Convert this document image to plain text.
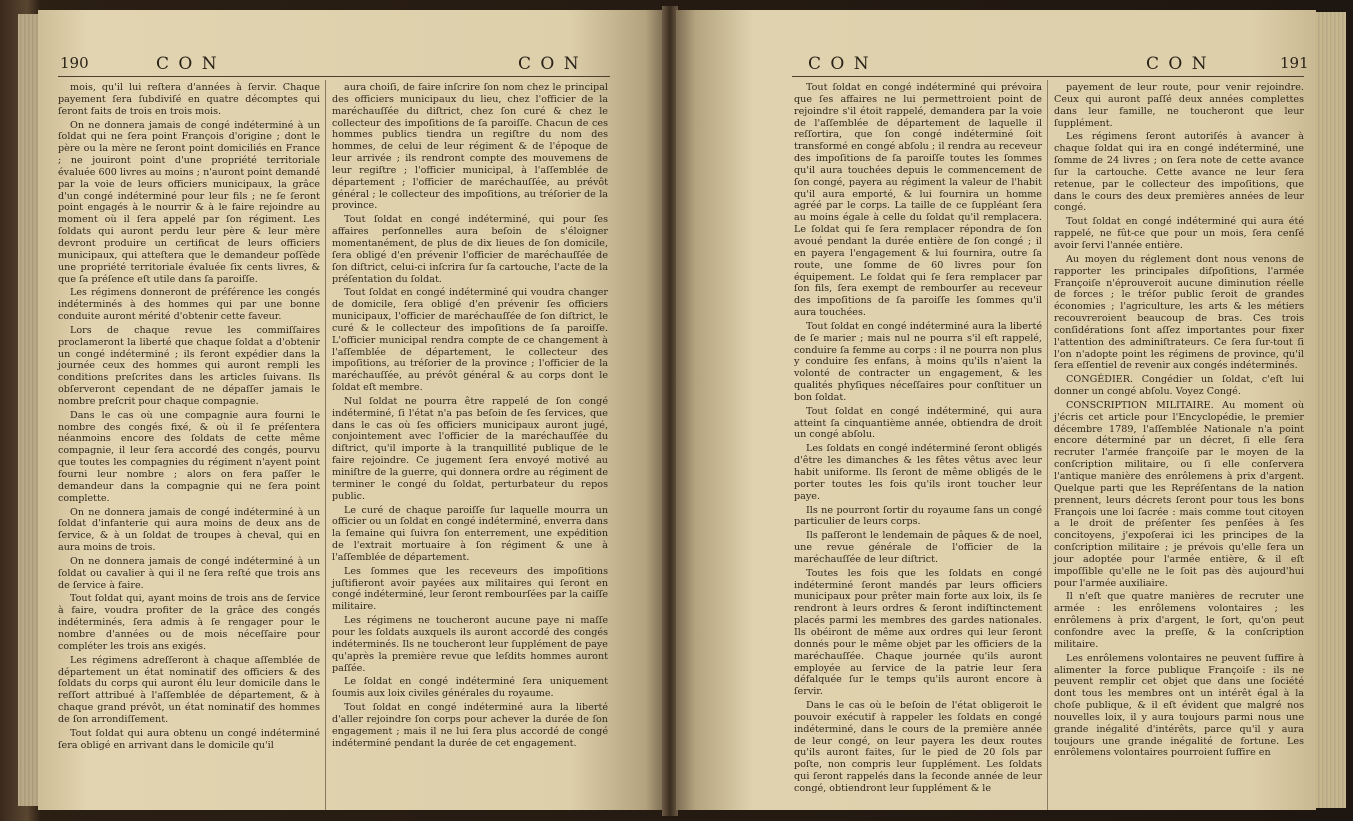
190	C O N	C O N

mois, qu'il lui reſtera d'années à ſervir. Chaque payement ſera ſubdiviſé en quatre décomptes qui ſeront faits de trois en trois mois.

On ne donnera jamais de congé indéterminé à un ſoldat qui ne ſera point François d'origine ; dont le père ou la mère ne ſeront point domiciliés en France ; ne jouiront point d'une propriété territoriale évaluée 600 livres au moins ; n'auront point demandé par la voie de leurs officiers municipaux, la grâce d'un congé indéterminé pour leur fils ; ne ſe ſeront point engagés à le nourrir & à le faire rejoindre au moment où il ſera appelé par ſon régiment. Les ſoldats qui auront perdu leur père & leur mère devront produire un certificat de leurs officiers municipaux, qui atteſtera que le demandeur poſſède une propriété territoriale évaluée ſix cents livres, & que ſa préſence eſt utile dans ſa paroiſſe.

Les régimens donneront de préférence les congés indéterminés à des hommes qui par une bonne conduite auront mérité d'obtenir cette faveur.

Lors de chaque revue les commiſſaires proclameront la liberté que chaque ſoldat a d'obtenir un congé indéterminé ; ils feront expédier dans la journée ceux des hommes qui auront rempli les conditions preſcrites dans les articles ſuivans. Ils obſerveront cependant de ne dépaſſer jamais le nombre preſcrit pour chaque compagnie.

Dans le cas où une compagnie aura fourni le nombre des congés fixé, & où il ſe préſentera néanmoins encore des ſoldats de cette même compagnie, il leur ſera accordé des congés, pourvu que toutes les compagnies du régiment n'ayent point fourni leur nombre ; alors on fera paſſer le demandeur dans la compagnie qui ne ſera point complette.

On ne donnera jamais de congé indéterminé à un ſoldat d'infanterie qui aura moins de deux ans de ſervice, & à un ſoldat de troupes à cheval, qui en aura moins de trois.

On ne donnera jamais de congé indéterminé à un ſoldat ou cavalier à qui il ne ſera reſté que trois ans de ſervice à faire.

Tout ſoldat qui, ayant moins de trois ans de ſervice à faire, voudra profiter de la grâce des congés indéterminés, ſera admis à ſe rengager pour le nombre d'années ou de mois néceſſaire pour compléter les trois ans exigés.

Les régimens adreſſeront à chaque aſſemblée de département un état nominatif des officiers & des ſoldats du corps qui auront élu leur domicile dans le reſſort attribué à l'aſſemblée de département, & à chaque grand prévôt, un état nominatif des hommes de ſon arrondiſſement.

Tout ſoldat qui aura obtenu un congé indéterminé ſera obligé en arrivant dans le domicile qu'il

aura choiſi, de faire inſcrire ſon nom chez le principal des officiers municipaux du lieu, chez l'officier de la maréchauſſée du diſtrict, chez ſon curé & chez le collecteur des impoſitions de ſa paroiſſe. Chacun de ces hommes publics tiendra un regiſtre du nom des hommes, de celui de leur régiment & de l'époque de leur arrivée ; ils rendront compte des mouvemens de leur regiſtre ; l'officier municipal, à l'aſſemblée de département ; l'officier de maréchauſſée, au prévôt général ; le collecteur des impoſitions, au tréſorier de la province.

Tout ſoldat en congé indéterminé, qui pour ſes affaires perſonnelles aura beſoin de s'éloigner momentanément, de plus de dix lieues de ſon domicile, ſera obligé d'en prévenir l'officier de maréchauſſée de ſon diſtrict, celui-ci inſcrira ſur ſa cartouche, l'acte de la préſentation du ſoldat.

Tout ſoldat en congé indéterminé qui voudra changer de domicile, ſera obligé d'en prévenir ſes officiers municipaux, l'officier de maréchauſſée de ſon diſtrict, le curé & le collecteur des impoſitions de ſa paroiſſe. L'officier municipal rendra compte de ce changement à l'aſſemblée de département, le collecteur des impoſitions, au tréſorier de la province ; l'officier de la maréchauſſée, au prévôt général & au corps dont le ſoldat eſt membre.

Nul ſoldat ne pourra être rappelé de ſon congé indéterminé, ſi l'état n'a pas beſoin de ſes ſervices, que dans le cas où ſes officiers municipaux auront jugé, conjointement avec l'officier de la maréchauſſée du diſtrict, qu'il importe à la tranquillité publique de le faire rejoindre. Ce jugement ſera envoyé motivé au miniſtre de la guerre, qui donnera ordre au régiment de terminer le congé du ſoldat, perturbateur du repos public.

Le curé de chaque paroiſſe ſur laquelle mourra un officier ou un ſoldat en congé indéterminé, enverra dans la ſemaine qui ſuivra ſon enterrement, une expédition de l'extrait mortuaire à ſon régiment & une à l'aſſemblée de département.

Les ſommes que les receveurs des impoſitions juſtifieront avoir payées aux militaires qui ſeront en congé indéterminé, leur ſeront rembourſées par la caiſſe militaire.

Les régimens ne toucheront aucune paye ni maſſe pour les ſoldats auxquels ils auront accordé des congés indéterminés. Ils ne toucheront leur ſupplément de paye qu'après la première revue que leſdits hommes auront paſſée.

Le ſoldat en congé indéterminé ſera uniquement ſoumis aux loix civiles générales du royaume.

Tout ſoldat en congé indéterminé aura la liberté d'aller rejoindre ſon corps pour achever la durée de ſon engagement ; mais il ne lui ſera plus accordé de congé indéterminé pendant la durée de cet engagement.

C O N	C O N	191

Tout ſoldat en congé indéterminé qui prévoira que ſes affaires ne lui permettroient point de rejoindre s'il étoit rappelé, demandera par la voie de l'aſſemblée de département de laquelle il reſſortira, que ſon congé indéterminé ſoit transformé en congé abſolu ; il rendra au receveur des impoſitions de ſa paroiſſe toutes les ſommes qu'il aura touchées depuis le commencement de ſon congé, payera au régiment la valeur de l'habit qu'il aura emporté, & lui fournira un homme agréé par le corps. La taille de ce ſuppléant ſera au moins égale à celle du ſoldat qu'il remplacera. Le ſoldat qui ſe ſera remplacer répondra de ſon avoué pendant la durée entière de ſon congé ; il en payera l'engagement & lui fournira, outre ſa route, une ſomme de 60 livres pour ſon équipement. Le ſoldat qui ſe ſera remplacer par ſon fils, ſera exempt de rembourſer au receveur des impoſitions de ſa paroiſſe les ſommes qu'il aura touchées.

Tout ſoldat en congé indéterminé aura la liberté de ſe marier ; mais nul ne pourra s'il eſt rappelé, conduire ſa femme au corps : il ne pourra non plus y conduire ſes enfans, à moins qu'ils n'aient la volonté de contracter un engagement, & les qualités phyſiques néceſſaires pour conſtituer un bon ſoldat.

Tout ſoldat en congé indéterminé, qui aura atteint ſa cinquantième année, obtiendra de droit un congé abſolu.

Les ſoldats en congé indéterminé ſeront obligés d'être les dimanches & les fêtes vêtus avec leur habit uniforme. Ils ſeront de même obligés de le porter toutes les fois qu'ils iront toucher leur paye.

Ils ne pourront ſortir du royaume ſans un congé particulier de leurs corps.

Ils paſſeront le lendemain de pâques & de noel, une revue générale de l'officier de la maréchauſſée de leur diſtrict.

Toutes les fois que les ſoldats en congé indéterminé ſeront mandés par leurs officiers municipaux pour prêter main forte aux loix, ils ſe rendront à leurs ordres & ſeront indiſtinctement placés parmi les membres des gardes nationales. Ils obéiront de même aux ordres qui leur ſeront donnés pour le même objet par les officiers de la maréchauſſée. Chaque journée qu'ils auront employée au ſervice de la patrie leur ſera défalquée ſur le temps qu'ils auront encore à ſervir.

Dans le cas où le beſoin de l'état obligeroit le pouvoir exécutif à rappeler les ſoldats en congé indéterminé, dans le cours de la première année de leur congé, on leur payera les deux routes qu'ils auront faites, ſur le pied de 20 ſols par poſte, non compris leur ſupplément. Les ſoldats qui ſeront rappelés dans la ſeconde année de leur congé, obtiendront leur ſupplément & le

payement de leur route, pour venir rejoindre. Ceux qui auront paſſé deux années complettes dans leur famille, ne toucheront que leur ſupplément.

Les régimens ſeront autoriſés à avancer à chaque ſoldat qui ira en congé indéterminé, une ſomme de 24 livres ; on ſera note de cette avance ſur la cartouche. Cette avance ne leur ſera retenue, par le collecteur des impoſitions, que dans le cours des deux premières années de leur congé.

Tout ſoldat en congé indéterminé qui aura été rappelé, ne fût-ce que pour un mois, ſera cenſé avoir ſervi l'année entière.

Au moyen du réglement dont nous venons de rapporter les principales diſpoſitions, l'armée Françoiſe n'éprouveroit aucune diminution réelle de forces ; le tréſor public ſeroit de grandes économies ; l'agriculture, les arts & les métiers recouvreroient beaucoup de bras. Ces trois conſidérations ſont aſſez importantes pour fixer l'attention des adminiſtrateurs. Ce ſera ſur-tout ſi l'on n'adopte point les régimens de province, qu'il ſera eſſentiel de revenir aux congés indéterminés.

CONGÉDIER. Congédier un ſoldat, c'eſt lui donner un congé abſolu. Voyez Congé.

CONSCRIPTION MILITAIRE. Au moment où j'écris cet article pour l'Encyclopédie, le premier décembre 1789, l'aſſemblée Nationale n'a point encore déterminé par un décret, ſi elle ſera recruter l'armée françoiſe par le moyen de la conſcription militaire, ou ſi elle conſervera l'antique manière des enrôlemens à prix d'argent. Quelque parti que les Repréſentans de la nation prennent, leurs décrets ſeront pour tous les bons François une loi ſacrée : mais comme tout citoyen a le droit de préſenter ſes penſées à ſes concitoyens, j'expoſerai ici les principes de la conſcription militaire ; je prévois qu'elle ſera un jour adoptée pour l'armée entière, & il eſt impoſſible qu'elle ne le ſoit pas dès aujourd'hui pour l'armée auxiliaire.

Il n'eſt que quatre manières de recruter une armée : les enrôlemens volontaires ; les enrôlemens à prix d'argent, le ſort, qu'on peut confondre avec la preſſe, & la conſcription militaire.

Les enrôlemens volontaires ne peuvent ſuffire à alimenter la force publique Françoiſe : ils ne peuvent remplir cet objet que dans une ſociété dont tous les membres ont un intérêt égal à la choſe publique, & il eſt évident que malgré nos nouvelles loix, il y aura toujours parmi nous une grande inégalité d'intérêts, parce qu'il y aura toujours une grande inégalité de fortune. Les enrôlemens volontaires pourroient ſuffire en
